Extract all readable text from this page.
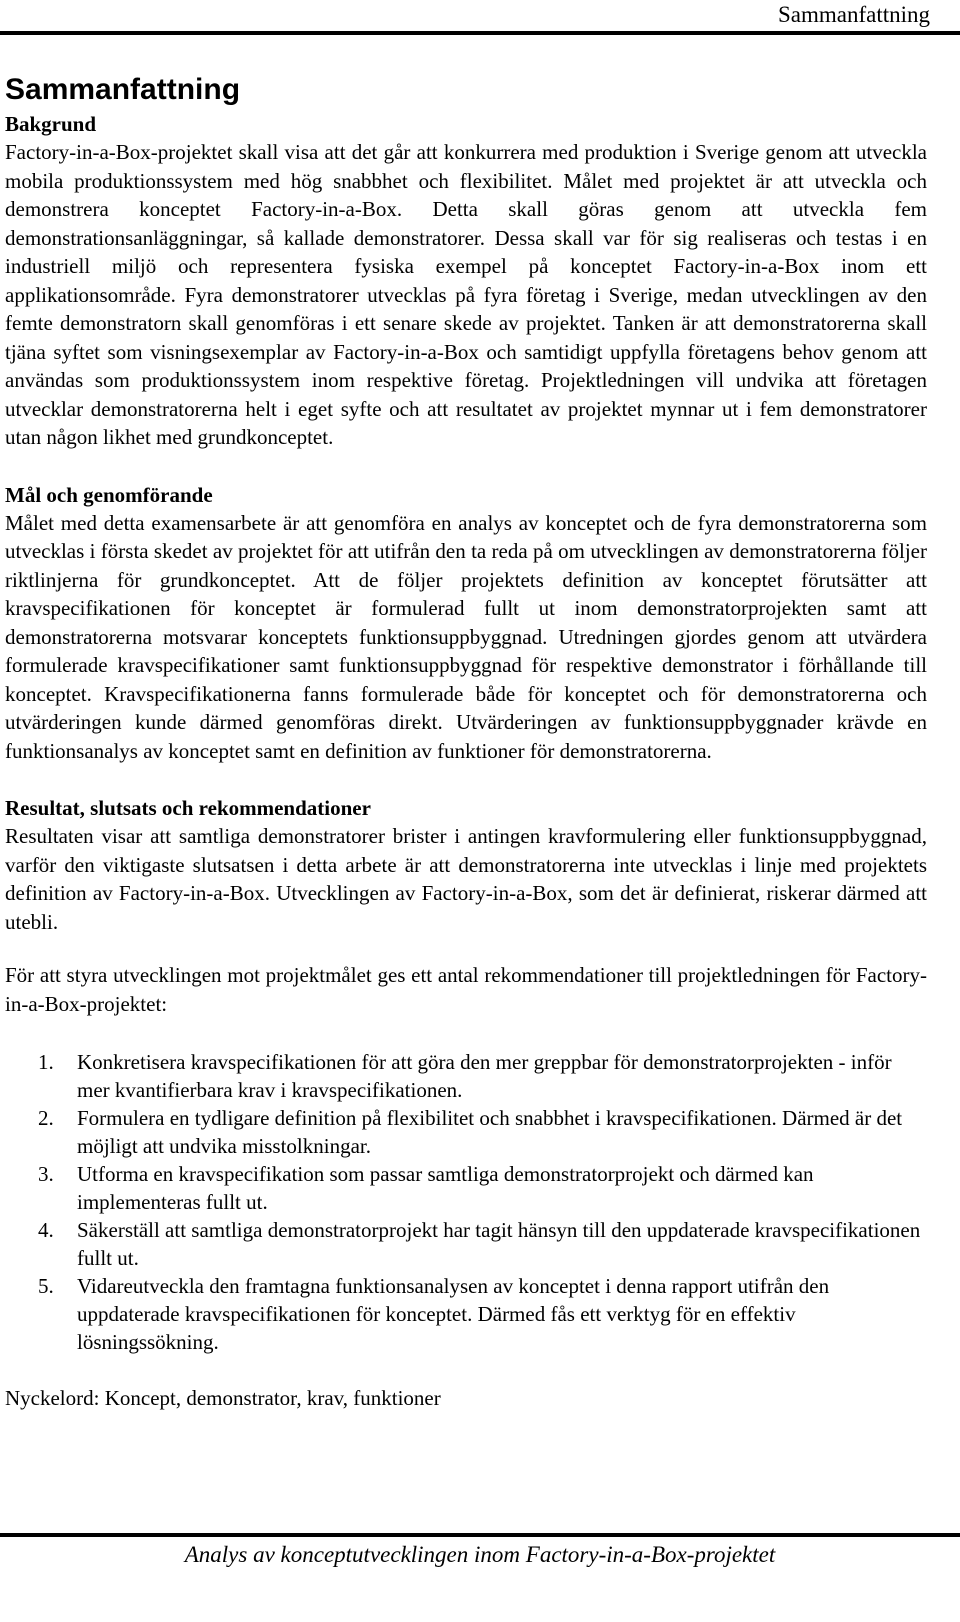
Sammanfattning
Sammanfattning
Bakgrund

Factory-in-a-Box-projektet skall visa att det går att konkurrera med produktion i Sverige genom att utveckla mobila produktionssystem med hög snabbhet och flexibilitet. Målet med projektet är att utveckla och demonstrera konceptet Factory-in-a-Box. Detta skall göras genom att utveckla fem demonstrationsanläggningar, så kallade demonstratorer. Dessa skall var för sig realiseras och testas i en industriell miljö och representera fysiska exempel på konceptet Factory-in-a-Box inom ett applikationsområde. Fyra demonstratorer utvecklas på fyra företag i Sverige, medan utvecklingen av den femte demonstratorn skall genomföras i ett senare skede av projektet. Tanken är att demonstratorerna skall tjäna syftet som visningsexemplar av Factory-in-a-Box och samtidigt uppfylla företagens behov genom att användas som produktionssystem inom respektive företag. Projektledningen vill undvika att företagen utvecklar demonstratorerna helt i eget syfte och att resultatet av projektet mynnar ut i fem demonstratorer utan någon likhet med grundkonceptet.

Mål och genomförande

Målet med detta examensarbete är att genomföra en analys av konceptet och de fyra demonstratorerna som utvecklas i första skedet av projektet för att utifrån den ta reda på om utvecklingen av demonstratorerna följer riktlinjerna för grundkonceptet. Att de följer projektets definition av konceptet förutsätter att kravspecifikationen för konceptet är formulerad fullt ut inom demonstratorprojekten samt att demonstratorerna motsvarar konceptets funktionsuppbyggnad. Utredningen gjordes genom att utvärdera formulerade kravspecifikationer samt funktionsuppbyggnad för respektive demonstrator i förhållande till konceptet. Kravspecifikationerna fanns formulerade både för konceptet och för demonstratorerna och utvärderingen kunde därmed genomföras direkt. Utvärderingen av funktionsuppbyggnader krävde en funktionsanalys av konceptet samt en definition av funktioner för demonstratorerna.

Resultat, slutsats och rekommendationer

Resultaten visar att samtliga demonstratorer brister i antingen kravformulering eller funktionsuppbyggnad, varför den viktigaste slutsatsen i detta arbete är att demonstratorerna inte utvecklas i linje med projektets definition av Factory-in-a-Box. Utvecklingen av Factory-in-a-Box, som det är definierat, riskerar därmed att utebli.

För att styra utvecklingen mot projektmålet ges ett antal rekommendationer till projektledningen för Factory-in-a-Box-projektet:

1. Konkretisera kravspecifikationen för att göra den mer greppbar för demonstratorprojekten - inför mer kvantifierbara krav i kravspecifikationen.
2. Formulera en tydligare definition på flexibilitet och snabbhet i kravspecifikationen. Därmed är det möjligt att undvika misstolkningar.
3. Utforma en kravspecifikation som passar samtliga demonstratorprojekt och därmed kan implementeras fullt ut.
4. Säkerställ att samtliga demonstratorprojekt har tagit hänsyn till den uppdaterade kravspecifikationen fullt ut.
5. Vidareutveckla den framtagna funktionsanalysen av konceptet i denna rapport utifrån den uppdaterade kravspecifikationen för konceptet. Därmed fås ett verktyg för en effektiv lösningssökning.
Nyckelord: Koncept, demonstrator, krav, funktioner
Analys av konceptutvecklingen inom Factory-in-a-Box-projektet
